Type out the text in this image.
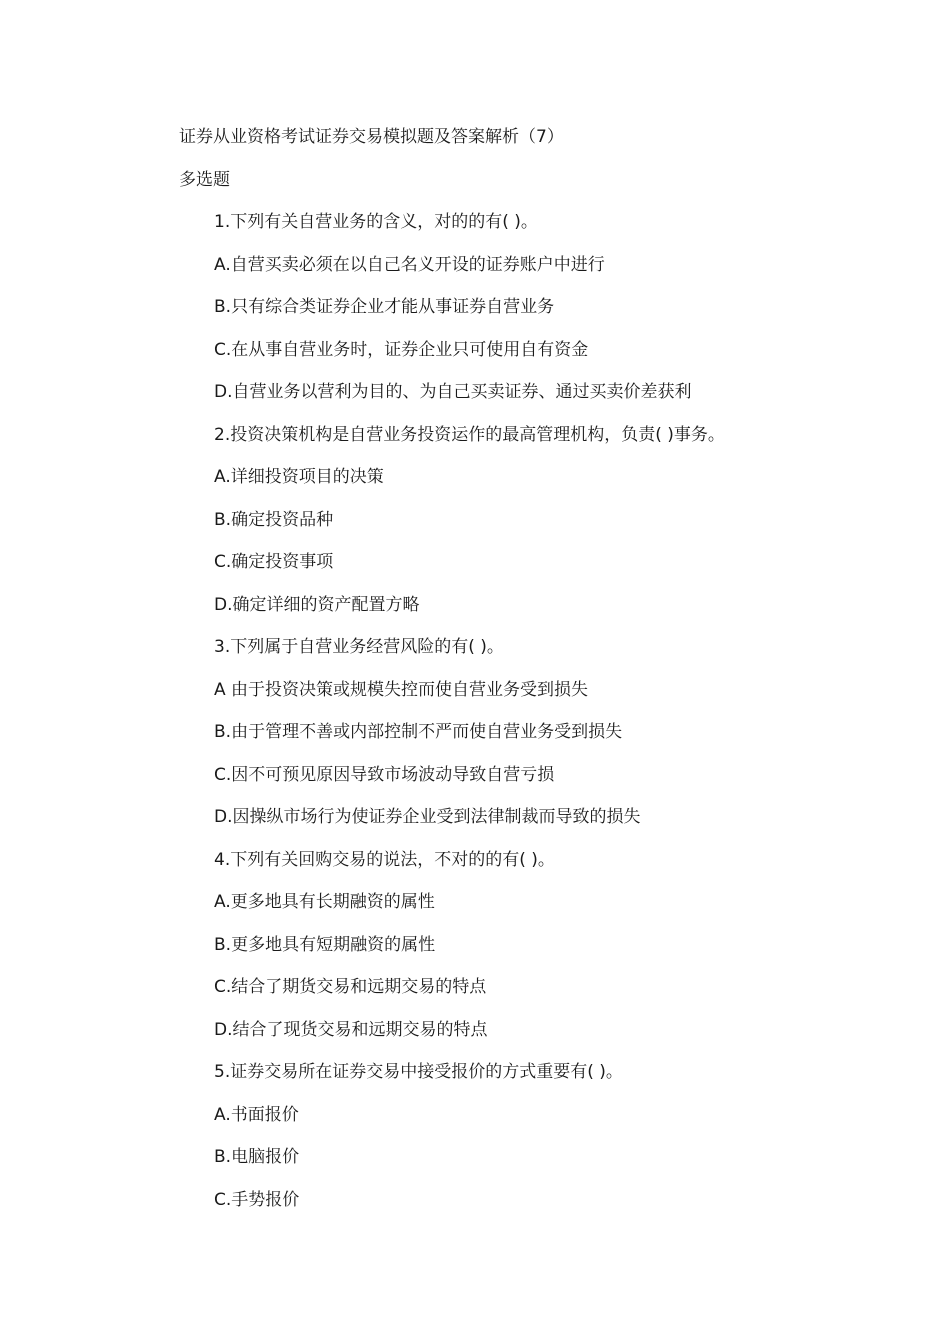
证券从业资格考试证券交易模拟题及答案解析（7）
多选题
1.下列有关自营业务的含义，对的的有( )。
A.自营买卖必须在以自己名义开设的证券账户中进行
B.只有综合类证券企业才能从事证券自营业务
C.在从事自营业务时，证券企业只可使用自有资金
D.自营业务以营利为目的、为自己买卖证券、通过买卖价差获利
2.投资决策机构是自营业务投资运作的最高管理机构，负责( )事务。
A.详细投资项目的决策
B.确定投资品种
C.确定投资事项
D.确定详细的资产配置方略
3.下列属于自营业务经营风险的有( )。
A 由于投资决策或规模失控而使自营业务受到损失
B.由于管理不善或内部控制不严而使自营业务受到损失
C.因不可预见原因导致市场波动导致自营亏损
D.因操纵市场行为使证券企业受到法律制裁而导致的损失
4.下列有关回购交易的说法，不对的的有( )。
A.更多地具有长期融资的属性
B.更多地具有短期融资的属性
C.结合了期货交易和远期交易的特点
D.结合了现货交易和远期交易的特点
5.证券交易所在证券交易中接受报价的方式重要有( )。
A.书面报价
B.电脑报价
C.手势报价
